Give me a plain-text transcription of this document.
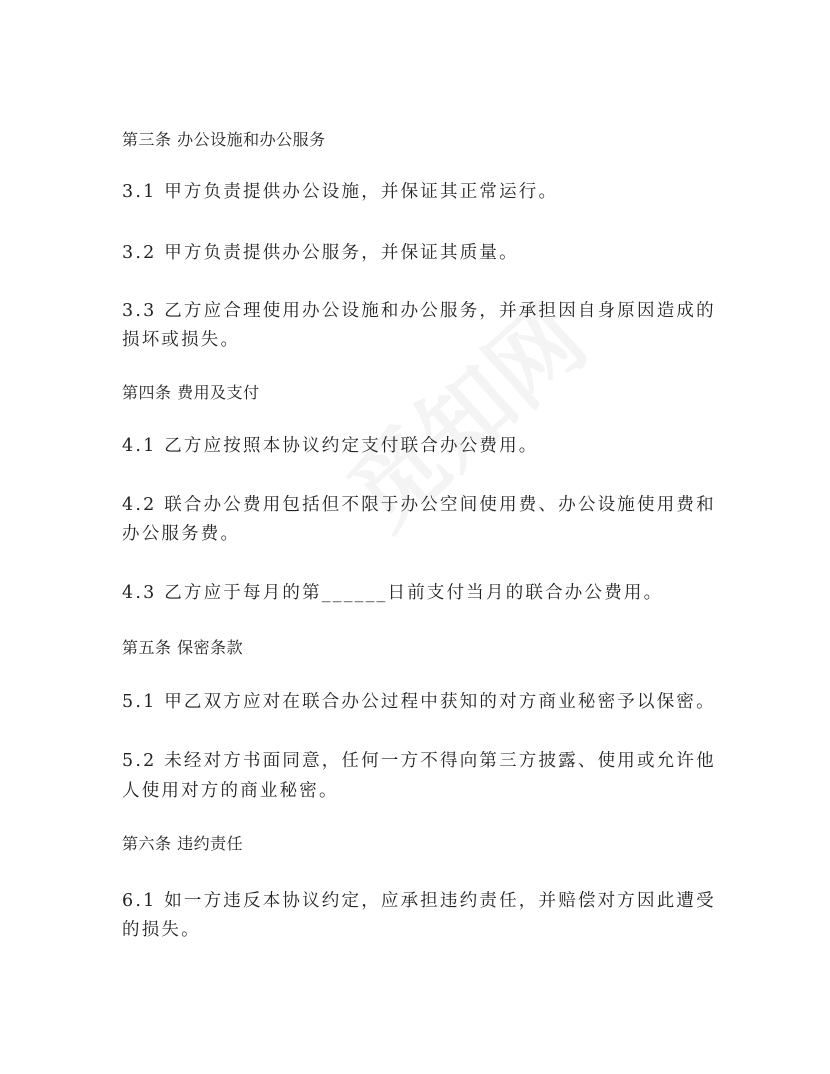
第三条 办公设施和办公服务
3.1 甲方负责提供办公设施，并保证其正常运行。
3.2 甲方负责提供办公服务，并保证其质量。
3.3 乙方应合理使用办公设施和办公服务，并承担因自身原因造成的
损坏或损失。
第四条 费用及支付
4.1 乙方应按照本协议约定支付联合办公费用。
4.2 联合办公费用包括但不限于办公空间使用费、办公设施使用费和
办公服务费。
4.3 乙方应于每月的第______日前支付当月的联合办公费用。
第五条 保密条款
5.1 甲乙双方应对在联合办公过程中获知的对方商业秘密予以保密。
5.2 未经对方书面同意，任何一方不得向第三方披露、使用或允许他
人使用对方的商业秘密。
第六条 违约责任
6.1 如一方违反本协议约定，应承担违约责任，并赔偿对方因此遭受
的损失。
